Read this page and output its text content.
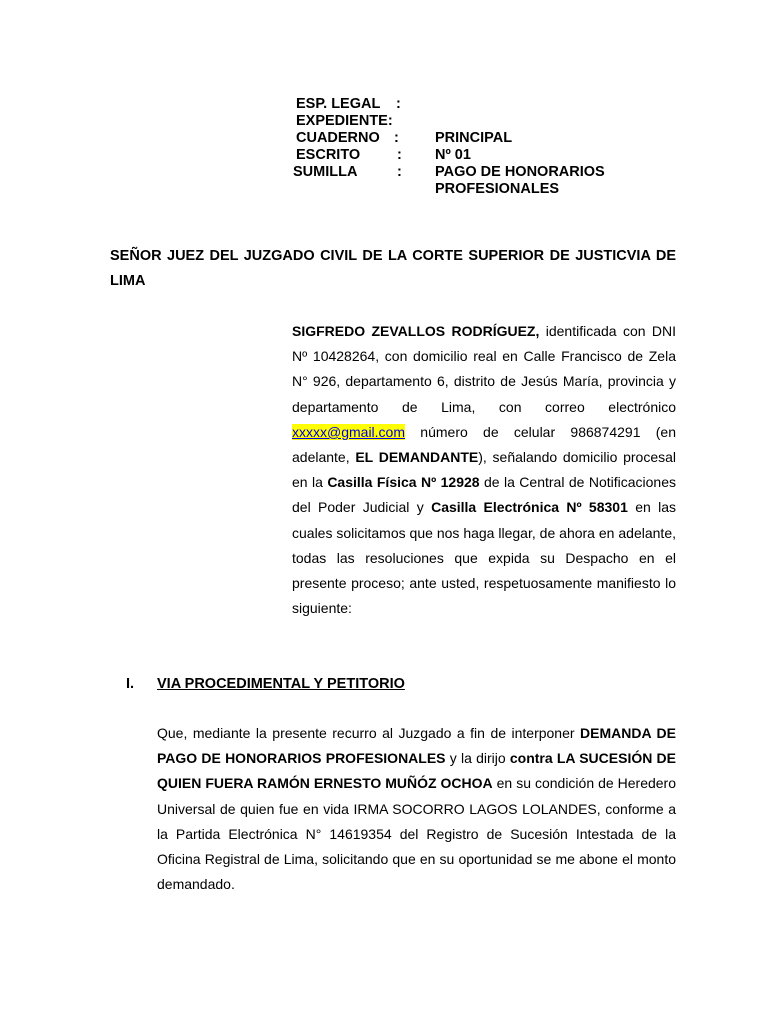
ESP. LEGAL :
EXPEDIENTE:
CUADERNO : PRINCIPAL
ESCRITO	: Nº 01
SUMILLA	: PAGO DE HONORARIOS
PROFESIONALES
SEÑOR JUEZ DEL JUZGADO CIVIL DE LA CORTE SUPERIOR DE JUSTICVIA DE LIMA
SIGFREDO ZEVALLOS RODRÍGUEZ, identificada con DNI Nº 10428264, con domicilio real en Calle Francisco de Zela N° 926, departamento 6, distrito de Jesús María, provincia y departamento de Lima, con correo electrónico xxxxx@gmail.com número de celular 986874291 (en adelante, EL DEMANDANTE), señalando domicilio procesal en la Casilla Física Nº 12928 de la Central de Notificaciones del Poder Judicial y Casilla Electrónica Nº 58301 en las cuales solicitamos que nos haga llegar, de ahora en adelante, todas las resoluciones que expida su Despacho en el presente proceso; ante usted, respetuosamente manifiesto lo siguiente:
I. VIA PROCEDIMENTAL Y PETITORIO
Que, mediante la presente recurro al Juzgado a fin de interponer DEMANDA DE PAGO DE HONORARIOS PROFESIONALES y la dirijo contra LA SUCESIÓN DE QUIEN FUERA RAMÓN ERNESTO MUÑÓZ OCHOA en su condición de Heredero Universal de quien fue en vida IRMA SOCORRO LAGOS LOLANDES, conforme a la Partida Electrónica N° 14619354 del Registro de Sucesión Intestada de la Oficina Registral de Lima, solicitando que en su oportunidad se me abone el monto demandado.
